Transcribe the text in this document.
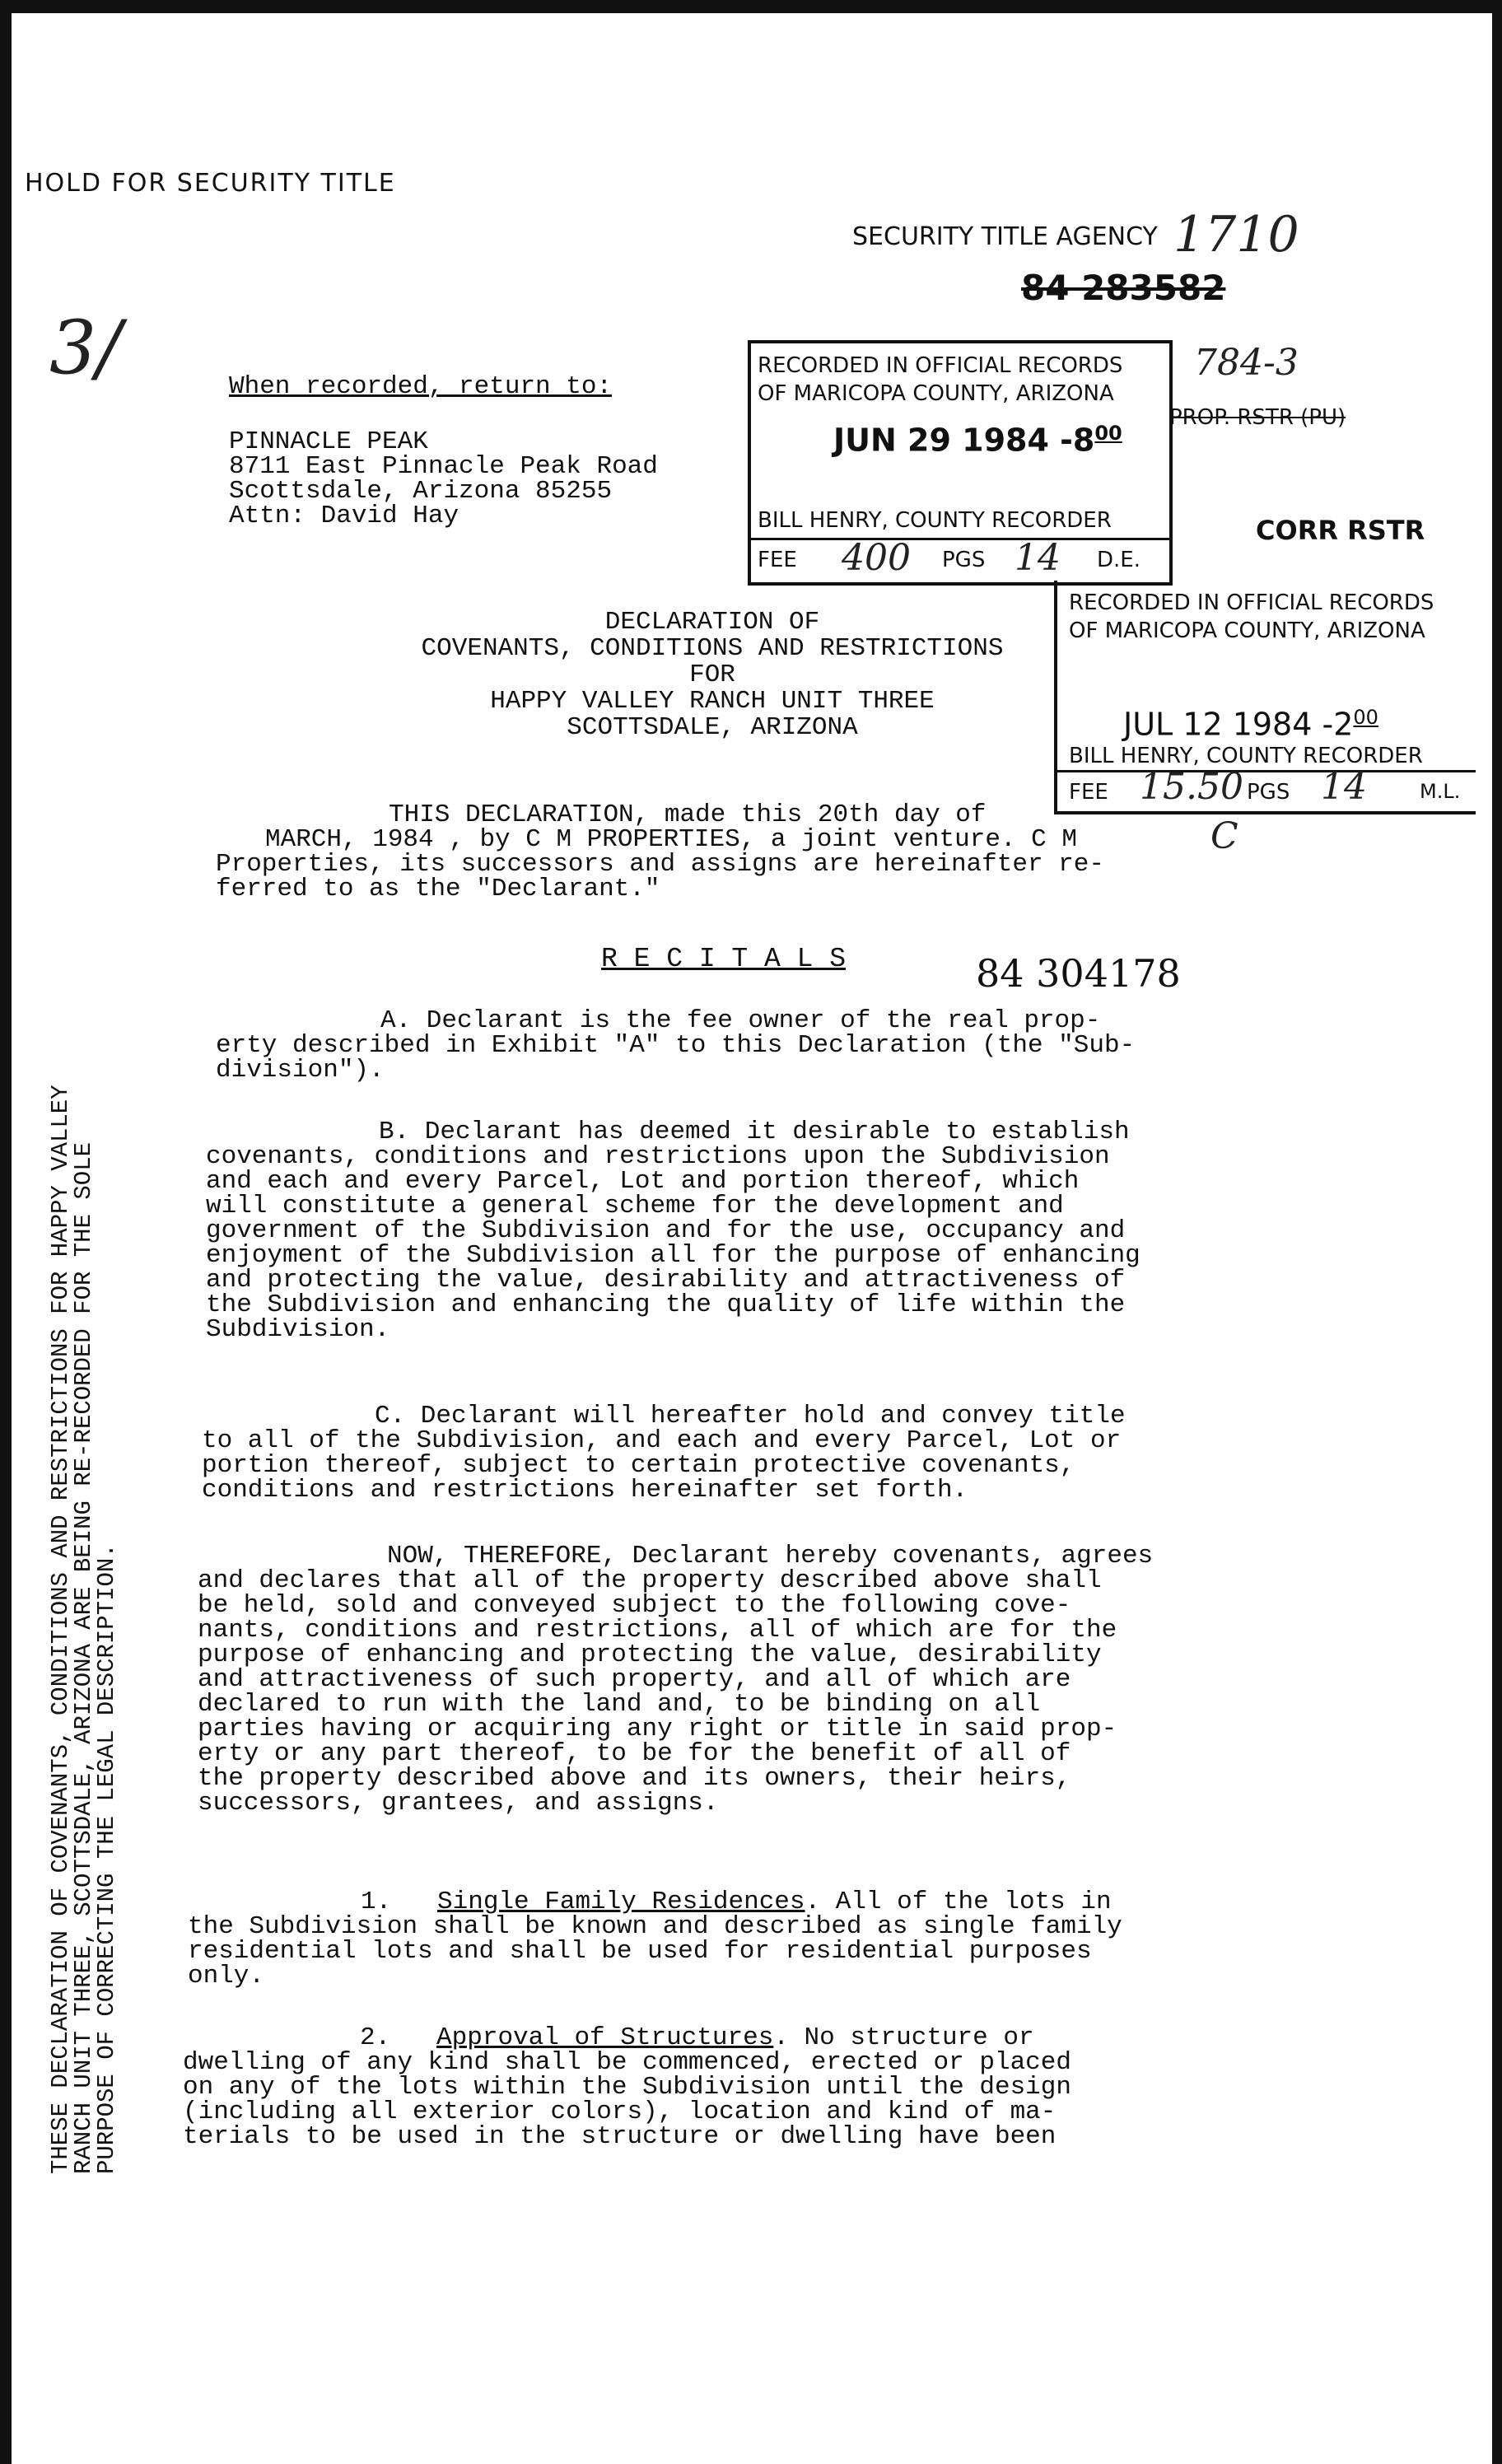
HOLD FOR SECURITY TITLE
SECURITY TITLE AGENCY 1710
84 283582
3/	784-3
PROP. RSTR (PU)
CORR RSTR
When recorded, return to:
PINNACLE PEAK
8711 East Pinnacle Peak Road
Scottsdale, Arizona 85255
Attn: David Hay
RECORDED IN OFFICIAL RECORDS
OF MARICOPA COUNTY, ARIZONA
JUN 29 1984 $-8^{00}$
BILL HENRY, COUNTY RECORDER
FEE 400 PGS 14 D.E.
RECORDED IN OFFICIAL RECORDS
OF MARICOPA COUNTY, ARIZONA
JUL 12 1984 $-2^{00}$
BILL HENRY, COUNTY RECORDER
FEE 15.50 PGS 14	M.L.
DECLARATION OF
COVENANTS, CONDITIONS AND RESTRICTIONS
FOR
HAPPY VALLEY RANCH UNIT THREE
SCOTTSDALE, ARIZONA
THIS DECLARATION, made this 20th day of
MARCH, 1984 , by C M PROPERTIES, a joint venture. C M
Properties, its successors and assigns are hereinafter re-
ferred to as the "Declarant."
C
R E C I T A L S	84 304178
A. Declarant is the fee owner of the real prop-
erty described in Exhibit "A" to this Declaration (the "Sub-
division").
B. Declarant has deemed it desirable to establish
covenants, conditions and restrictions upon the Subdivision
and each and every Parcel, Lot and portion thereof, which
will constitute a general scheme for the development and
government of the Subdivision and for the use, occupancy and
enjoyment of the Subdivision all for the purpose of enhancing
and protecting the value, desirability and attractiveness of
the Subdivision and enhancing the quality of life within the
Subdivision.
C. Declarant will hereafter hold and convey title
to all of the Subdivision, and each and every Parcel, Lot or
portion thereof, subject to certain protective covenants,
conditions and restrictions hereinafter set forth.
NOW, THEREFORE, Declarant hereby covenants, agrees
and declares that all of the property described above shall
be held, sold and conveyed subject to the following cove-
nants, conditions and restrictions, all of which are for the
purpose of enhancing and protecting the value, desirability
and attractiveness of such property, and all of which are
declared to run with the land and, to be binding on all
parties having or acquiring any right or title in said prop-
erty or any part thereof, to be for the benefit of all of
the property described above and its owners, their heirs,
successors, grantees, and assigns.
1. Single Family Residences. All of the lots in
the Subdivision shall be known and described as single family
residential lots and shall be used for residential purposes
only.
2. Approval of Structures. No structure or
dwelling of any kind shall be commenced, erected or placed
on any of the lots within the Subdivision until the design
(including all exterior colors), location and kind of ma-
terials to be used in the structure or dwelling have been
THESE DECLARATION OF COVENANTS, CONDITIONS AND RESTRICTIONS FOR HAPPY VALLEY
RANCH UNIT THREE, SCOTTSDALE, ARIZONA ARE BEING RE-RECORDED FOR THE SOLE
PURPOSE OF CORRECTING THE LEGAL DESCRIPTION.
